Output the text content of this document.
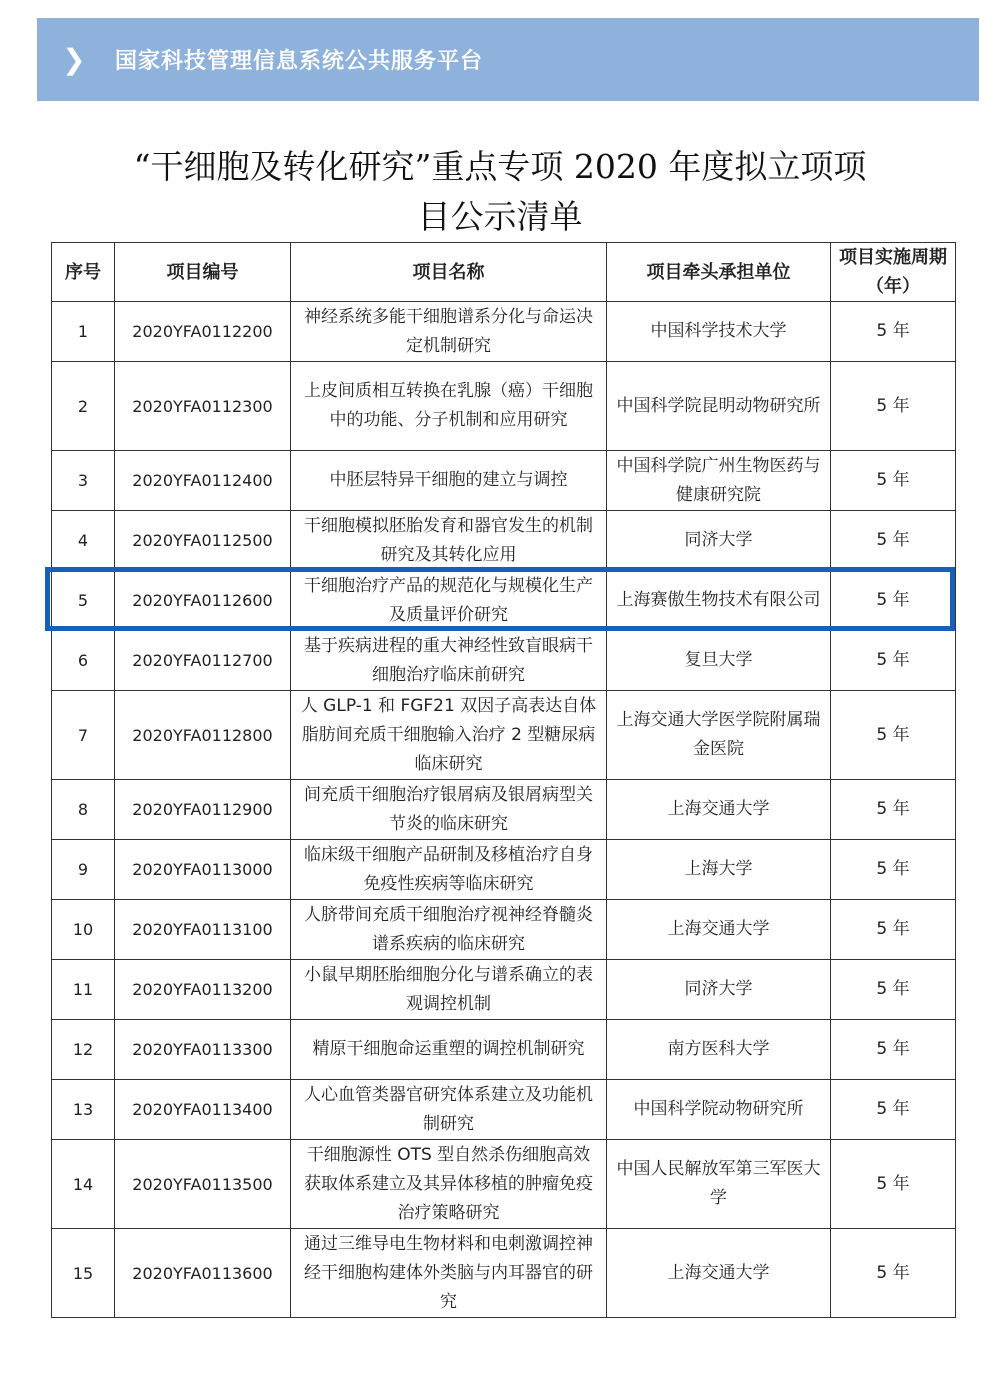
❯	国家科技管理信息系统公共服务平台
“干细胞及转化研究”重点专项 2020 年度拟立项项
目公示清单
序号	项目编号	项目名称	项目牵头承担单位	项目实施周期（年）
1	2020YFA0112200	神经系统多能干细胞谱系分化与命运决定机制研究	中国科学技术大学	5 年
2	2020YFA0112300	上皮间质相互转换在乳腺（癌）干细胞中的功能、分子机制和应用研究	中国科学院昆明动物研究所	5 年
3	2020YFA0112400	中胚层特异干细胞的建立与调控	中国科学院广州生物医药与健康研究院	5 年
4	2020YFA0112500	干细胞模拟胚胎发育和器官发生的机制研究及其转化应用	同济大学	5 年
5	2020YFA0112600	干细胞治疗产品的规范化与规模化生产及质量评价研究	上海赛傲生物技术有限公司	5 年
6	2020YFA0112700	基于疾病进程的重大神经性致盲眼病干细胞治疗临床前研究	复旦大学	5 年
7	2020YFA0112800	人 GLP-1 和 FGF21 双因子高表达自体脂肪间充质干细胞输入治疗 2 型糖尿病临床研究	上海交通大学医学院附属瑞金医院	5 年
8	2020YFA0112900	间充质干细胞治疗银屑病及银屑病型关节炎的临床研究	上海交通大学	5 年
9	2020YFA0113000	临床级干细胞产品研制及移植治疗自身免疫性疾病等临床研究	上海大学	5 年
10	2020YFA0113100	人脐带间充质干细胞治疗视神经脊髓炎谱系疾病的临床研究	上海交通大学	5 年
11	2020YFA0113200	小鼠早期胚胎细胞分化与谱系确立的表观调控机制	同济大学	5 年
12	2020YFA0113300	精原干细胞命运重塑的调控机制研究	南方医科大学	5 年
13	2020YFA0113400	人心血管类器官研究体系建立及功能机制研究	中国科学院动物研究所	5 年
14	2020YFA0113500	干细胞源性 OTS 型自然杀伤细胞高效获取体系建立及其异体移植的肿瘤免疫治疗策略研究	中国人民解放军第三军医大学	5 年
15	2020YFA0113600	通过三维导电生物材料和电刺激调控神经干细胞构建体外类脑与内耳器官的研究	上海交通大学	5 年
